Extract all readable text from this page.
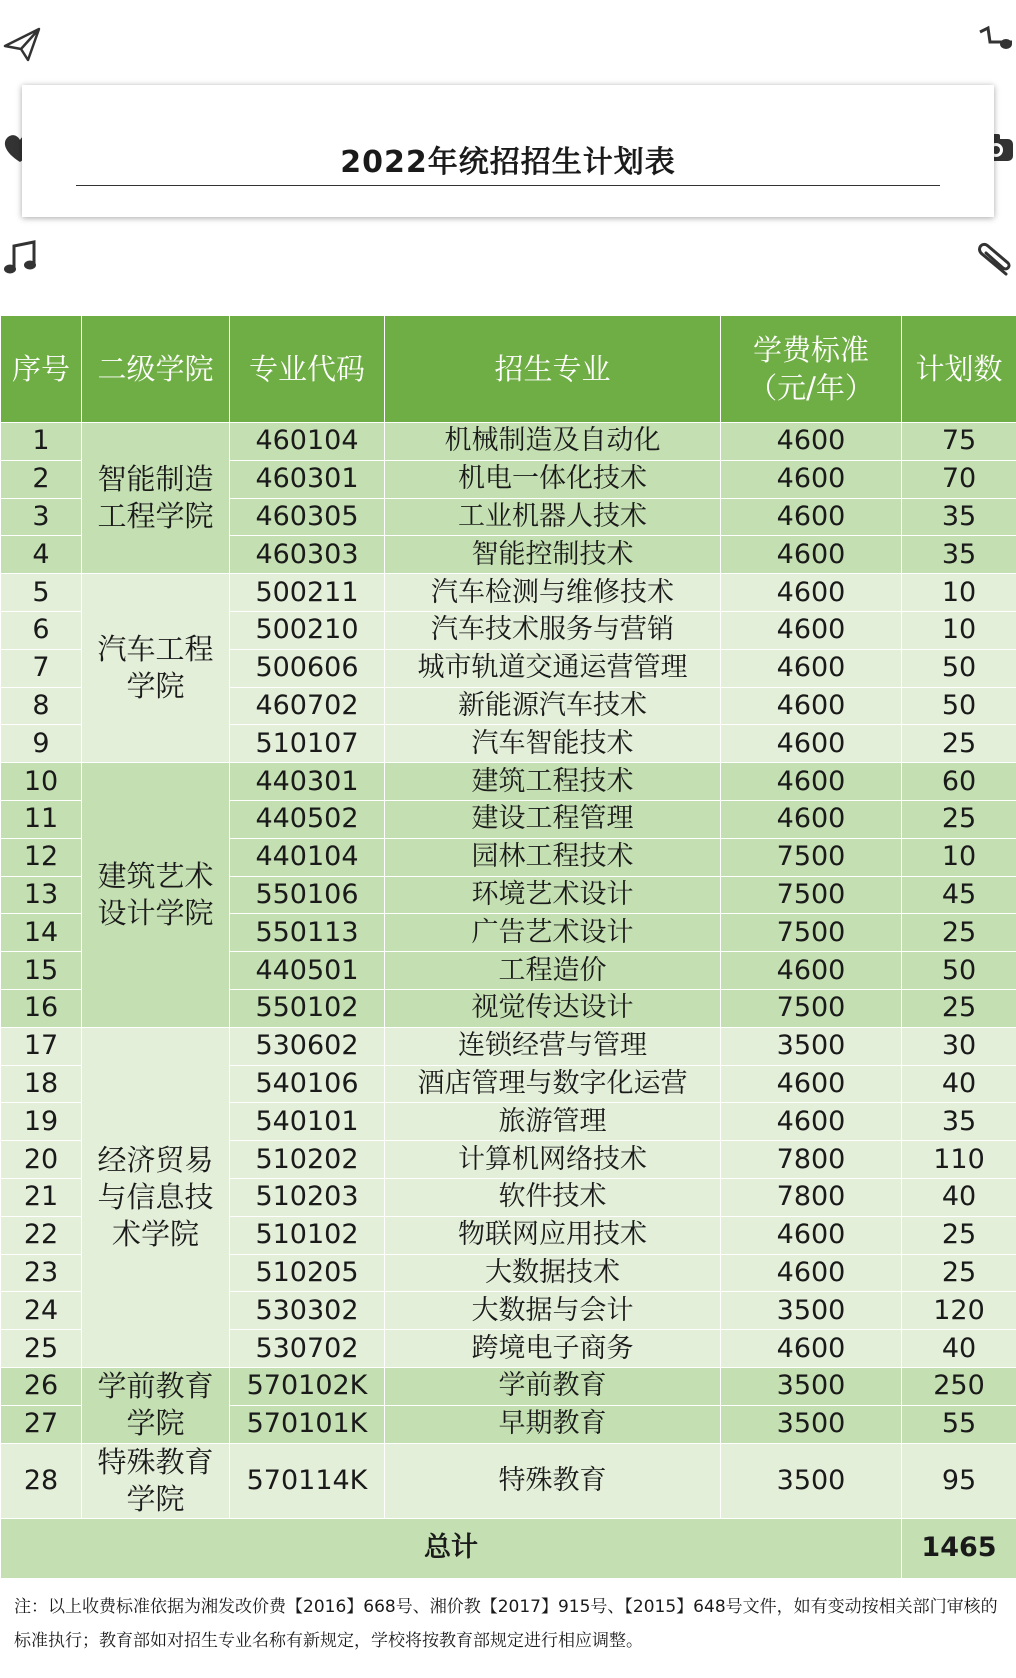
2022年统招招生计划表
序号	二级学院	专业代码	招生专业	学费标准（元/年）	计划数
1	智能制造工程学院	460104	机械制造及自动化	4600	75
2		460301	机电一体化技术	4600	70
3		460305	工业机器人技术	4600	35
4		460303	智能控制技术	4600	35
5	汽车工程学院	500211	汽车检测与维修技术	4600	10
6		500210	汽车技术服务与营销	4600	10
7		500606	城市轨道交通运营管理	4600	50
8		460702	新能源汽车技术	4600	50
9		510107	汽车智能技术	4600	25
10	建筑艺术设计学院	440301	建筑工程技术	4600	60
11		440502	建设工程管理	4600	25
12		440104	园林工程技术	7500	10
13		550106	环境艺术设计	7500	45
14		550113	广告艺术设计	7500	25
15		440501	工程造价	4600	50
16		550102	视觉传达设计	7500	25
17	经济贸易与信息技术学院	530602	连锁经营与管理	3500	30
18		540106	酒店管理与数字化运营	4600	40
19		540101	旅游管理	4600	35
20		510202	计算机网络技术	7800	110
21		510203	软件技术	7800	40
22		510102	物联网应用技术	4600	25
23		510205	大数据技术	4600	25
24		530302	大数据与会计	3500	120
25		530702	跨境电子商务	4600	40
26	学前教育学院	570102K	学前教育	3500	250
27		570101K	早期教育	3500	55
28	特殊教育学院	570114K	特殊教育	3500	95
总计					1465
注：以上收费标准依据为湘发改价费【2016】668号、湘价教【2017】915号、【2015】648号文件，如有变动按相关部门审核的标准执行；教育部如对招生专业名称有新规定，学校将按教育部规定进行相应调整。
